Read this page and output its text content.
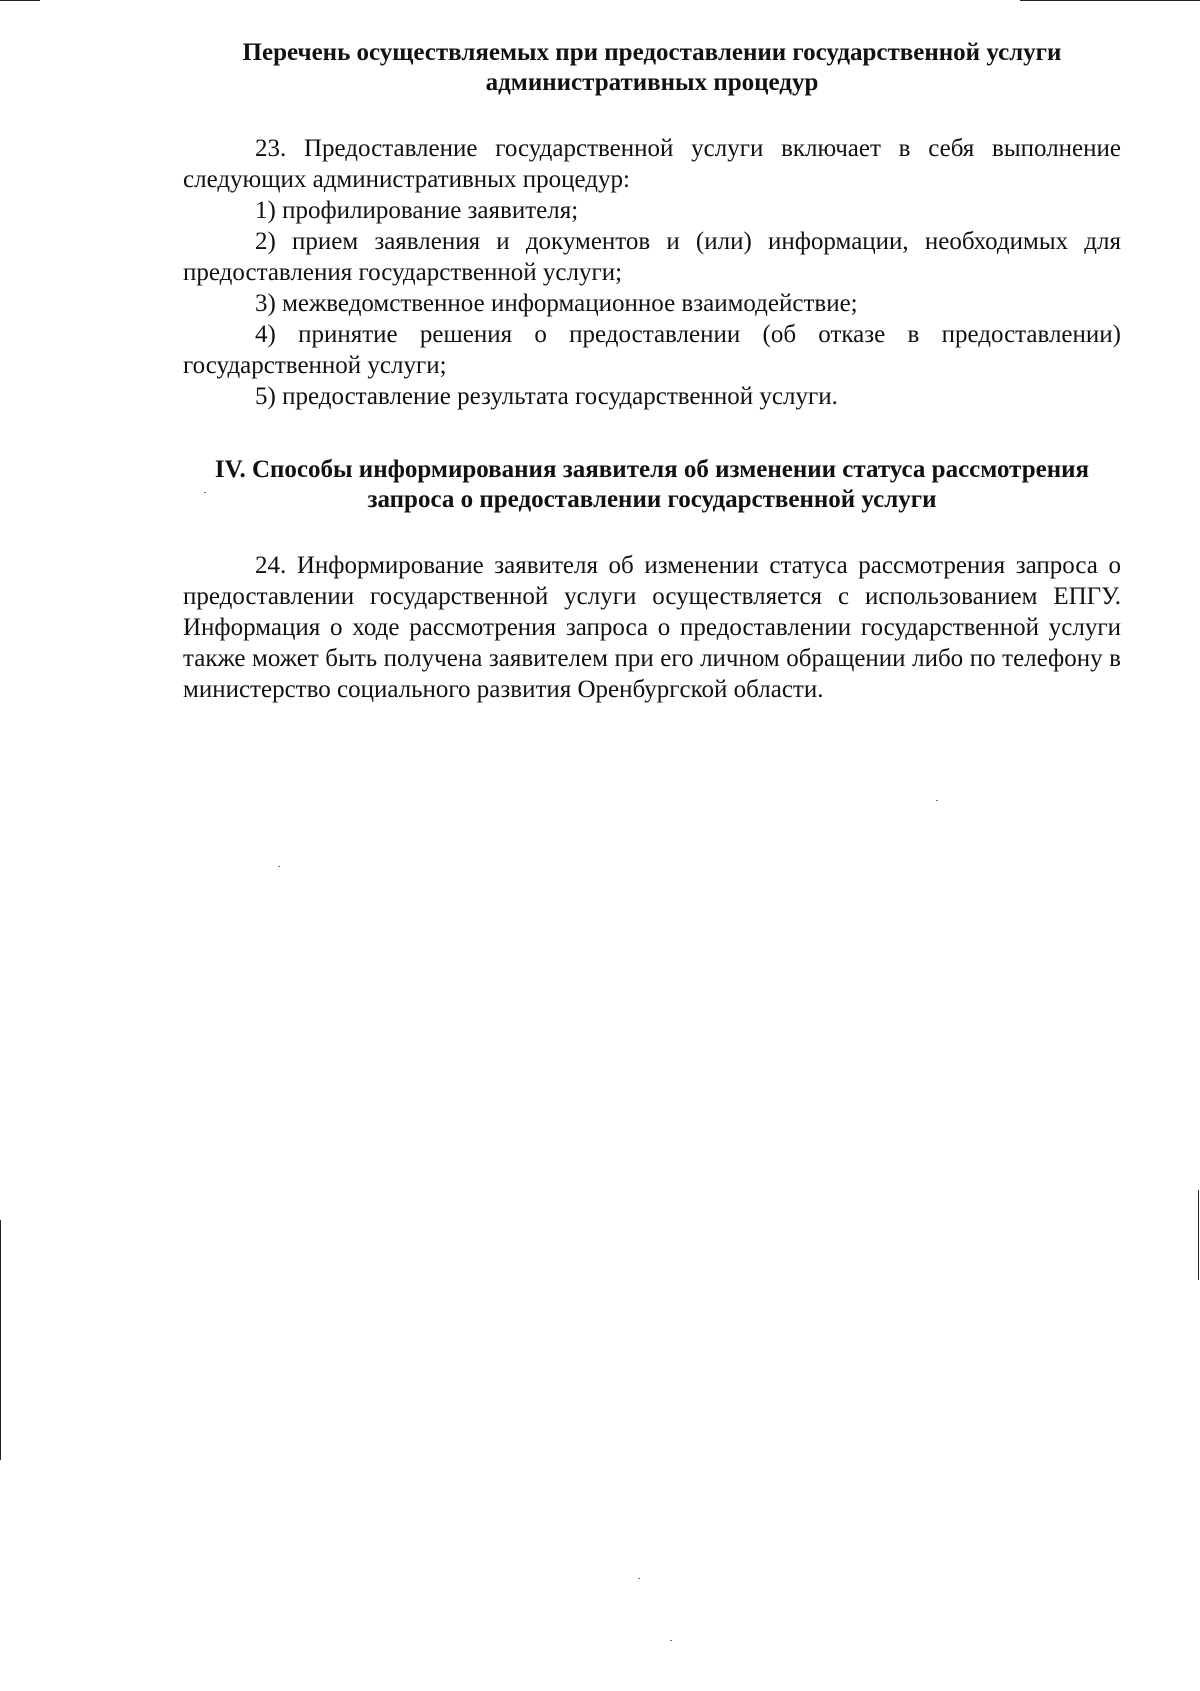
Перечень осуществляемых при предоставлении государственной услуги административных процедур

23. Предоставление государственной услуги включает в себя выполнение следующих административных процедур:

1) профилирование заявителя;

2) прием заявления и документов и (или) информации, необходимых для предоставления государственной услуги;

3) межведомственное информационное взаимодействие;

4) принятие решения о предоставлении (об отказе в предоставлении) государственной услуги;

5) предоставление результата государственной услуги.

IV. Способы информирования заявителя об изменении статуса рассмотрения запроса о предоставлении государственной услуги

24. Информирование заявителя об изменении статуса рассмотрения запроса о предоставлении государственной услуги осуществляется с использованием ЕПГУ. Информация о ходе рассмотрения запроса о предоставлении государственной услуги также может быть получена заявителем при его личном обращении либо по телефону в министерство социального развития Оренбургской области.
